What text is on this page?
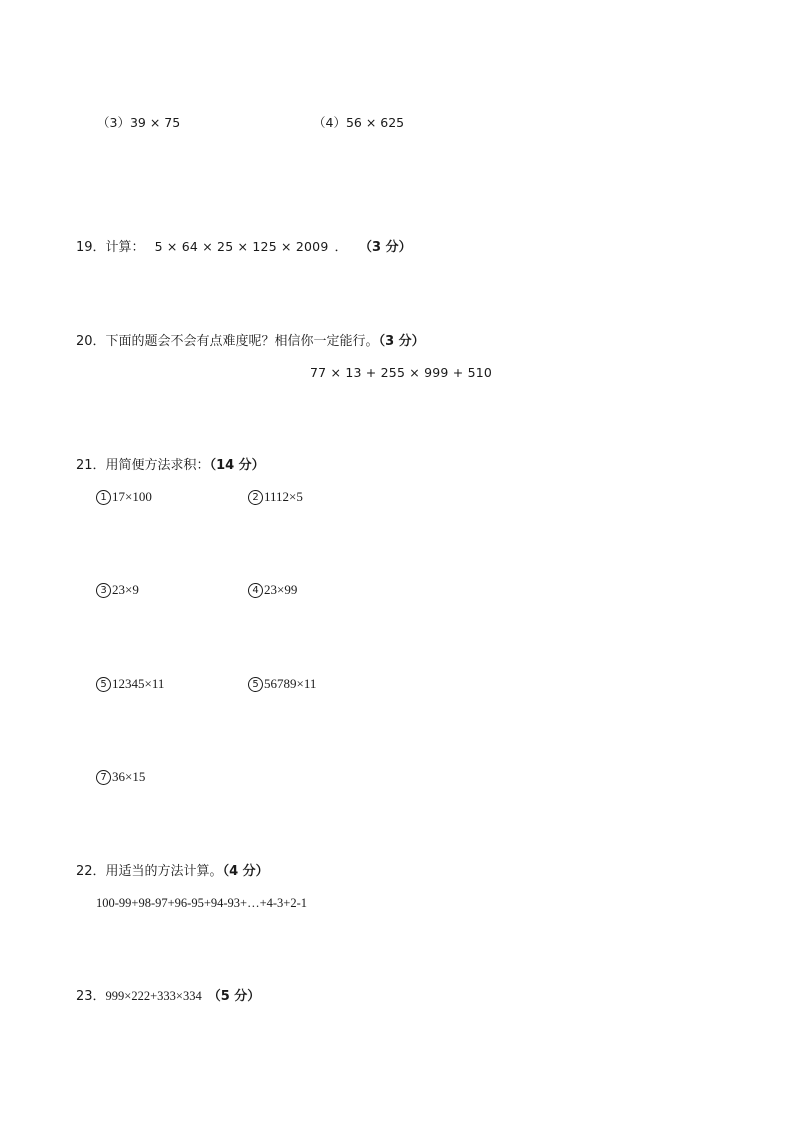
（3）39 × 75	（4）56 × 625
19．计算： 5 × 64 × 25 × 125 × 2009 ． （3 分）
20．下面的题会不会有点难度呢？相信你一定能行。（3 分）
77 × 13 + 255 × 999 + 510
21．用简便方法求积：（14 分）
1 17×100	2 1112×5
3 23×9	4 23×99
5 12345×11	5 56789×11
7 36×15
22．用适当的方法计算。（4 分）
100-99+98-97+96-95+94-93+…+4-3+2-1
23．999×222+333×334 （5 分）
